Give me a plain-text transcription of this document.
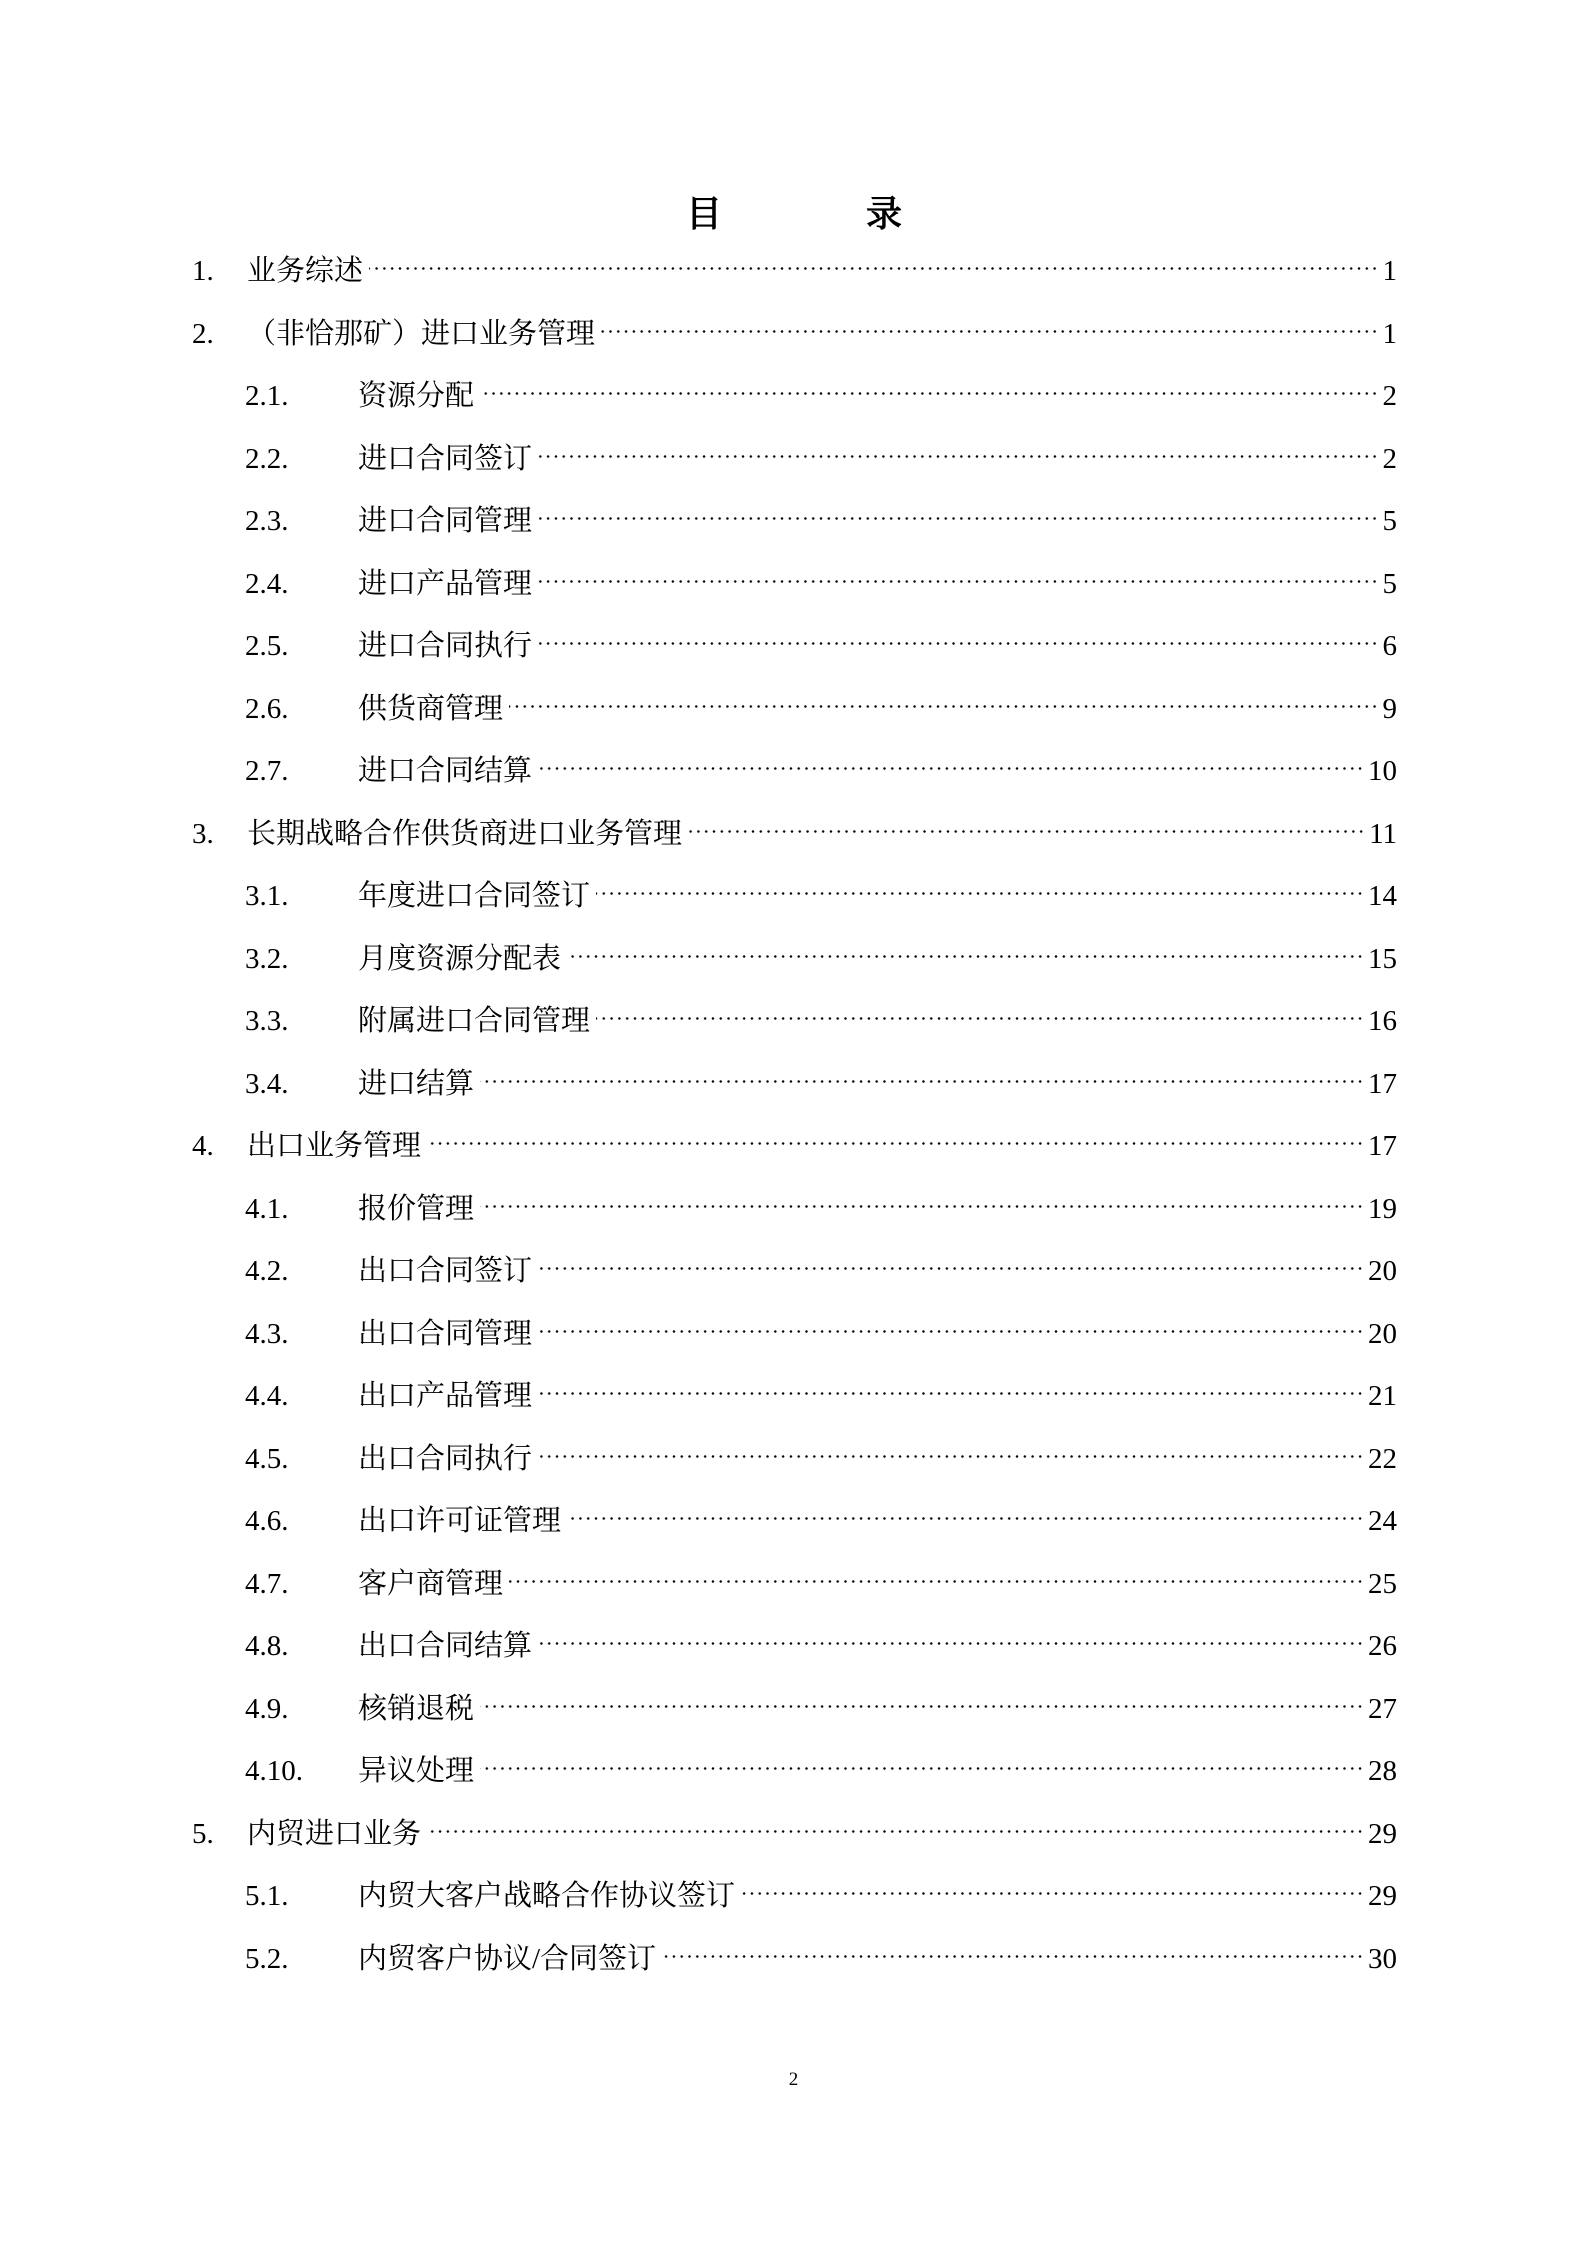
目	录
1.	业务综述	1
2.	（非恰那矿）进口业务管理	1
2.1.	资源分配	2
2.2.	进口合同签订	2
2.3.	进口合同管理	5
2.4.	进口产品管理	5
2.5.	进口合同执行	6
2.6.	供货商管理	9
2.7.	进口合同结算	10
3.	长期战略合作供货商进口业务管理	11
3.1.	年度进口合同签订	14
3.2.	月度资源分配表	15
3.3.	附属进口合同管理	16
3.4.	进口结算	17
4.	出口业务管理	17
4.1.	报价管理	19
4.2.	出口合同签订	20
4.3.	出口合同管理	20
4.4.	出口产品管理	21
4.5.	出口合同执行	22
4.6.	出口许可证管理	24
4.7.	客户商管理	25
4.8.	出口合同结算	26
4.9.	核销退税	27
4.10.	异议处理	28
5.	内贸进口业务	29
5.1.	内贸大客户战略合作协议签订	29
5.2.	内贸客户协议/合同签订	30
2
